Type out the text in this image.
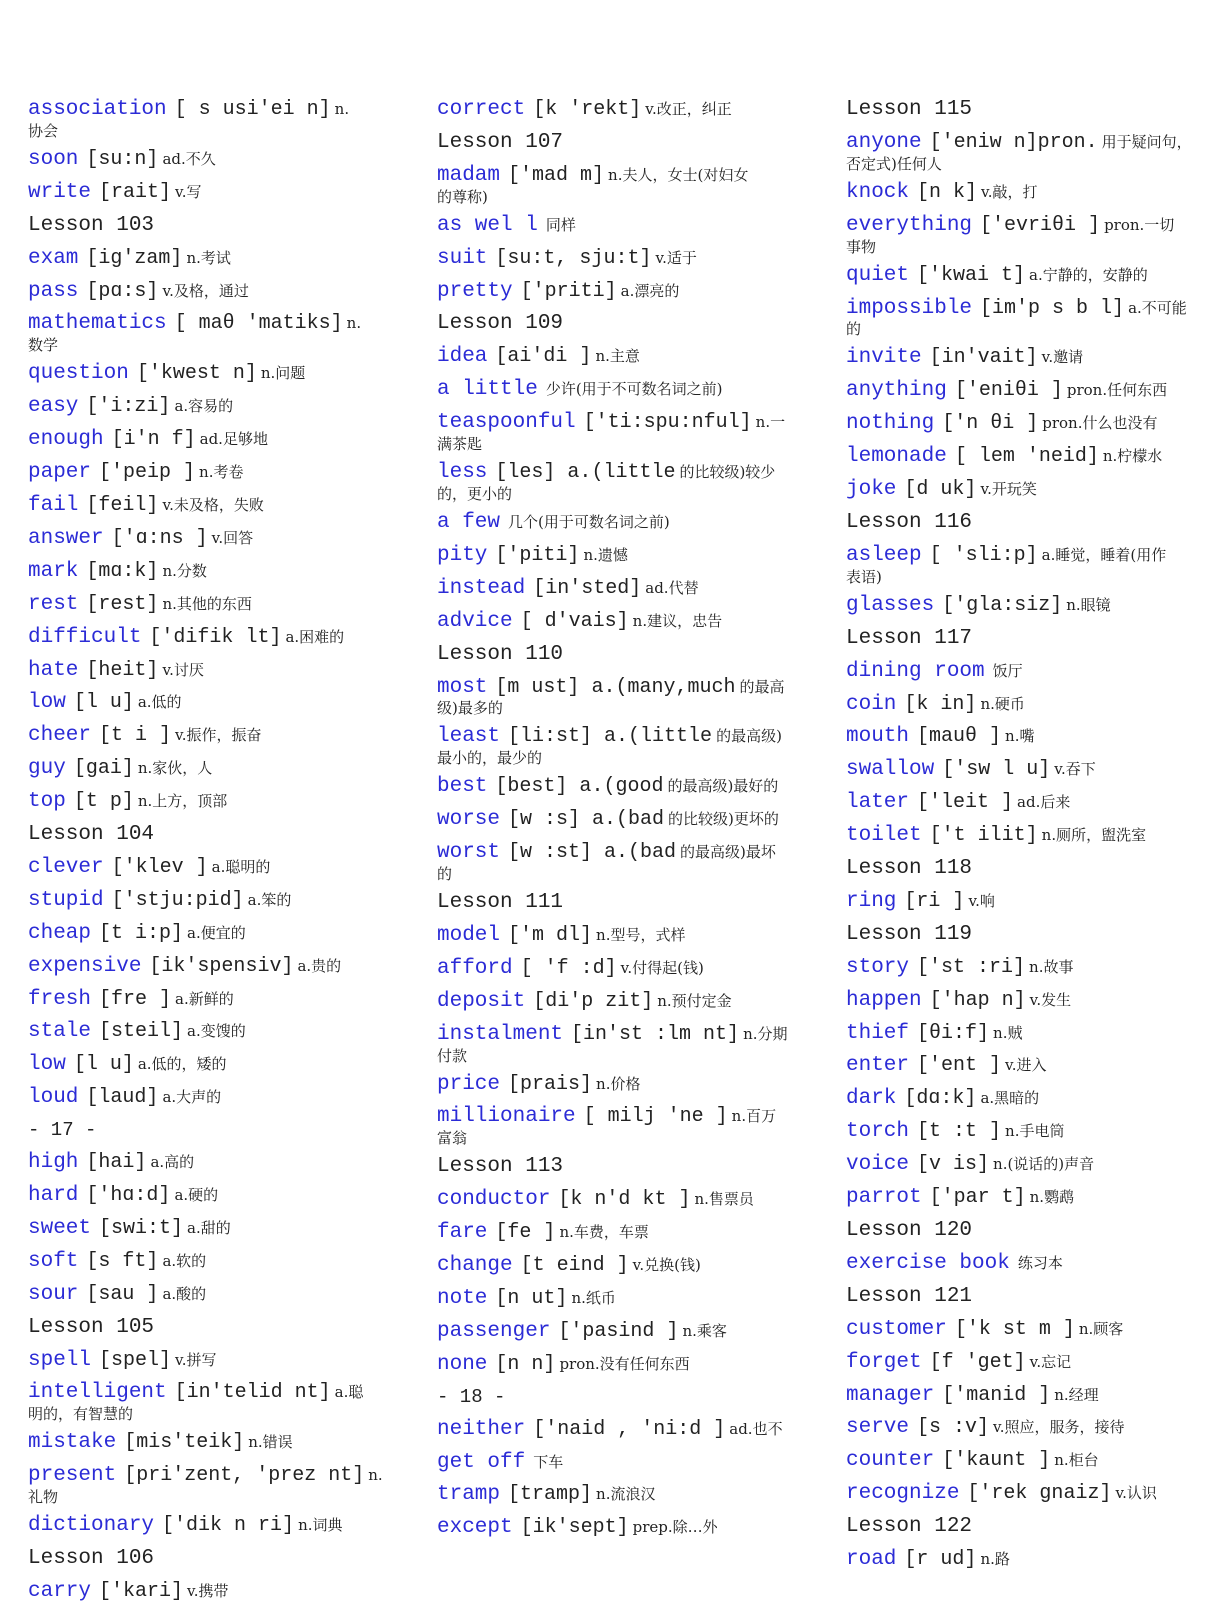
association [ s usi'ei n] n.
协会
soon [su:n] ad.不久
write [rait] v.写
Lesson 103
exam [ig'zam] n.考试
pass [pɑ:s] v.及格，通过
mathematics [ maθ 'matiks] n.
数学
question ['kwest n] n.问题
easy ['i:zi] a.容易的
enough [i'n f] ad.足够地
paper ['peip ] n.考卷
fail [feil] v.未及格，失败
answer ['ɑ:ns ] v.回答
mark [mɑ:k] n.分数
rest [rest] n.其他的东西
difficult ['difik lt] a.困难的
hate [heit] v.讨厌
low [l u] a.低的
cheer [t i ] v.振作，振奋
guy [gai] n.家伙，人
top [t p] n.上方，顶部
Lesson 104
clever ['klev ] a.聪明的
stupid ['stju:pid] a.笨的
cheap [t i:p] a.便宜的
expensive [ik'spensiv] a.贵的
fresh [fre ] a.新鲜的
stale [steil] a.变馊的
low [l u] a.低的，矮的
loud [laud] a.大声的
- 17 -
high [hai] a.高的
hard ['hɑ:d] a.硬的
sweet [swi:t] a.甜的
soft [s ft] a.软的
sour [sau ] a.酸的
Lesson 105
spell [spel] v.拼写
intelligent [in'telid nt] a.聪
明的，有智慧的
mistake [mis'teik] n.错误
present [pri'zent, 'prez nt] n.
礼物
dictionary ['dik n ri] n.词典
Lesson 106
carry ['kari] v.携带
correct [k 'rekt] v.改正，纠正
Lesson 107
madam ['mad m] n.夫人，女士(对妇女
的尊称)
as wel l 同样
suit [su:t, sju:t] v.适于
pretty ['priti] a.漂亮的
Lesson 109
idea [ai'di ] n.主意
a little 少许(用于不可数名词之前)
teaspoonful ['ti:spu:nful] n.一
满茶匙
less [les] a.(little 的比较级)较少
的，更小的
a few 几个(用于可数名词之前)
pity ['piti] n.遗憾
instead [in'sted] ad.代替
advice [ d'vais] n.建议，忠告
Lesson 110
most [m ust] a.(many,much 的最高
级)最多的
least [li:st] a.(little 的最高级)
最小的，最少的
best [best] a.(good 的最高级)最好的
worse [w :s] a.(bad 的比较级)更坏的
worst [w :st] a.(bad 的最高级)最坏
的
Lesson 111
model ['m dl] n.型号，式样
afford [ 'f :d] v.付得起(钱)
deposit [di'p zit] n.预付定金
instalment [in'st :lm nt] n.分期
付款
price [prais] n.价格
millionaire [ milj 'ne ] n.百万
富翁
Lesson 113
conductor [k n'd kt ] n.售票员
fare [fe ] n.车费，车票
change [t eind ] v.兑换(钱)
note [n ut] n.纸币
passenger ['pasind ] n.乘客
none [n n] pron.没有任何东西
- 18 -
neither ['naid , 'ni:d ] ad.也不
get off 下车
tramp [tramp] n.流浪汉
except [ik'sept] prep.除…外
Lesson 115
anyone ['eniw n]pron. 用于疑问句，
否定式)任何人
knock [n k] v.敲，打
everything ['evriθi ] pron.一切
事物
quiet ['kwai t] a.宁静的，安静的
impossible [im'p s b l] a.不可能
的
invite [in'vait] v.邀请
anything ['eniθi ] pron.任何东西
nothing ['n θi ] pron.什么也没有
lemonade [ lem 'neid] n.柠檬水
joke [d uk] v.开玩笑
Lesson 116
asleep [ 'sli:p] a.睡觉，睡着(用作
表语)
glasses ['gla:siz] n.眼镜
Lesson 117
dining room 饭厅
coin [k in] n.硬币
mouth [mauθ ] n.嘴
swallow ['sw l u] v.吞下
later ['leit ] ad.后来
toilet ['t ilit] n.厕所，盥洗室
Lesson 118
ring [ri ] v.响
Lesson 119
story ['st :ri] n.故事
happen ['hap n] v.发生
thief [θi:f] n.贼
enter ['ent ] v.进入
dark [dɑ:k] a.黑暗的
torch [t :t ] n.手电筒
voice [v is] n.(说话的)声音
parrot ['par t] n.鹦鹉
Lesson 120
exercise book 练习本
Lesson 121
customer ['k st m ] n.顾客
forget [f 'get] v.忘记
manager ['manid ] n.经理
serve [s :v] v.照应，服务，接待
counter ['kaunt ] n.柜台
recognize ['rek gnaiz] v.认识
Lesson 122
road [r ud] n.路
